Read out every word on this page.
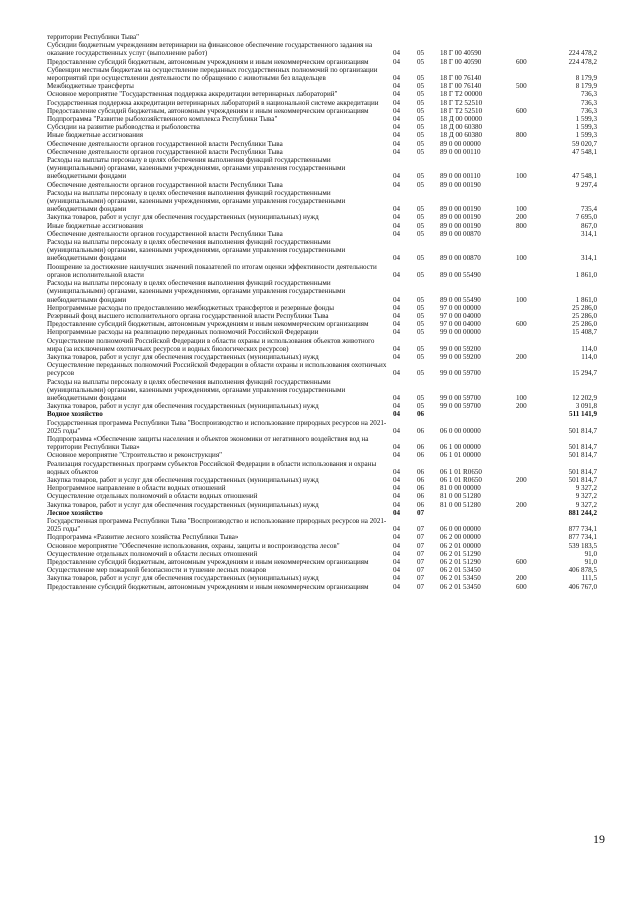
территории Республики Тыва"					
Субсидии бюджетным учреждениям ветеринарии на финансовое обеспечение государственного задания на оказание государственных услуг (выполнение работ)	04	05	18 Г 00 40590		224 478,2
Предоставление субсидий бюджетным, автономным учреждениям и иным некоммерческим организациям	04	05	18 Г 00 40590	600	224 478,2
Субвенции местным бюджетам на осуществление переданных государственных полномочий по организации мероприятий при осуществлении деятельности по обращению с животными без владельцев	04	05	18 Г 00 76140		8 179,9
Межбюджетные трансферты	04	05	18 Г 00 76140	500	8 179,9
Основное мероприятие "Государственная поддержка аккредитации ветеринарных лабораторий"	04	05	18 Г Т2 00000		736,3
Государственная поддержка аккредитации ветеринарных лабораторий в национальной системе аккредитации	04	05	18 Г Т2 52510		736,3
Предоставление субсидий бюджетным, автономным учреждениям и иным некоммерческим организациям	04	05	18 Г Т2 52510	600	736,3
Подпрограмма "Развитие рыбохозяйственного комплекса Республики Тыва"	04	05	18 Д 00 00000		1 599,3
Субсидии на развитие рыбоводства и рыболовства	04	05	18 Д 00 60380		1 599,3
Иные бюджетные ассигнования	04	05	18 Д 00 60380	800	1 599,3
Обеспечение деятельности органов государственной власти Республики Тыва	04	05	89 0 00 00000		59 020,7
Обеспечение деятельности органов государственной власти Республики Тыва	04	05	89 0 00 00110		47 548,1
Расходы на выплаты персоналу в целях обеспечения выполнения функций государственными (муниципальными) органами, казенными учреждениями, органами управления государственными внебюджетными фондами	04	05	89 0 00 00110	100	47 548,1
Обеспечение деятельности органов государственной власти Республики Тыва	04	05	89 0 00 00190		9 297,4
Расходы на выплаты персоналу в целях обеспечения выполнения функций государственными (муниципальными) органами, казенными учреждениями, органами управления государственными внебюджетными фондами	04	05	89 0 00 00190	100	735,4
Закупка товаров, работ и услуг для обеспечения государственных (муниципальных) нужд	04	05	89 0 00 00190	200	7 695,0
Иные бюджетные ассигнования	04	05	89 0 00 00190	800	867,0
Обеспечение деятельности органов государственной власти Республики Тыва	04	05	89 0 00 00870		314,1
Расходы на выплаты персоналу в целях обеспечения выполнения функций государственными (муниципальными) органами, казенными учреждениями, органами управления государственными внебюджетными фондами	04	05	89 0 00 00870	100	314,1
Поощрение за достижение наилучших значений показателей по итогам оценки эффективности деятельности органов исполнительной власти	04	05	89 0 00 55490		1 861,0
Расходы на выплаты персоналу в целях обеспечения выполнения функций государственными (муниципальными) органами, казенными учреждениями, органами управления государственными внебюджетными фондами	04	05	89 0 00 55490	100	1 861,0
Непрограммные расходы по предоставлению межбюджетных трансфертов и резервные фонды	04	05	97 0 00 00000		25 286,0
Резервный фонд высшего исполнительного органа государственной власти Республики Тыва	04	05	97 0 00 04000		25 286,0
Предоставление субсидий бюджетным, автономным учреждениям и иным некоммерческим организациям	04	05	97 0 00 04000	600	25 286,0
Непрограммные расходы на реализацию переданных полномочий Российской Федерации	04	05	99 0 00 00000		15 408,7
Осуществление полномочий Российской Федерации в области охраны и использования объектов животного мира (за исключением охотничьих ресурсов и водных биологических ресурсов)	04	05	99 0 00 59200		114,0
Закупка товаров, работ и услуг для обеспечения государственных (муниципальных) нужд	04	05	99 0 00 59200	200	114,0
Осуществление переданных полномочий Российской Федерации в области охраны и использования охотничьих ресурсов	04	05	99 0 00 59700		15 294,7
Расходы на выплаты персоналу в целях обеспечения выполнения функций государственными (муниципальными) органами, казенными учреждениями, органами управления государственными внебюджетными фондами	04	05	99 0 00 59700	100	12 202,9
Закупка товаров, работ и услуг для обеспечения государственных (муниципальных) нужд	04	05	99 0 00 59700	200	3 091,8
Водное хозяйство	04	06			511 141,9
Государственная программа Республики Тыва "Воспроизводство и использование природных ресурсов на 2021-2025 годы"	04	06	06 0 00 00000		501 814,7
Подпрограмма «Обеспечение защиты населения и объектов экономики от негативного воздействия вод на территории Республики Тыва»	04	06	06 1 00 00000		501 814,7
Основное мероприятие "Строительство и реконструкция"	04	06	06 1 01 00000		501 814,7
Реализация государственных программ субъектов Российской Федерации в области использования и охраны водных объектов	04	06	06 1 01 R0650		501 814,7
Закупка товаров, работ и услуг для обеспечения государственных (муниципальных) нужд	04	06	06 1 01 R0650	200	501 814,7
Непрограммное направление в области водных отношений	04	06	81 0 00 00000		9 327,2
Осуществление отдельных полномочий в области водных отношений	04	06	81 0 00 51280		9 327,2
Закупка товаров, работ и услуг для обеспечения государственных (муниципальных) нужд	04	06	81 0 00 51280	200	9 327,2
Лесное хозяйство	04	07			881 244,2
Государственная программа Республики Тыва "Воспроизводство и использование природных ресурсов на 2021-2025 годы"	04	07	06 0 00 00000		877 734,1
Подпрограмма «Развитие лесного хозяйства Республики Тыва»	04	07	06 2 00 00000		877 734,1
Основное мероприятие "Обеспечение использования, охраны, защиты и воспроизводства лесов"	04	07	06 2 01 00000		539 183,5
Осуществление отдельных полномочий в области лесных отношений	04	07	06 2 01 51290		91,0
Предоставление субсидий бюджетным, автономным учреждениям и иным некоммерческим организациям	04	07	06 2 01 51290	600	91,0
Осуществление мер пожарной безопасности и тушение лесных пожаров	04	07	06 2 01 53450		406 878,5
Закупка товаров, работ и услуг для обеспечения государственных (муниципальных) нужд	04	07	06 2 01 53450	200	111,5
Предоставление субсидий бюджетным, автономным учреждениям и иным некоммерческим организациям	04	07	06 2 01 53450	600	406 767,0
19
